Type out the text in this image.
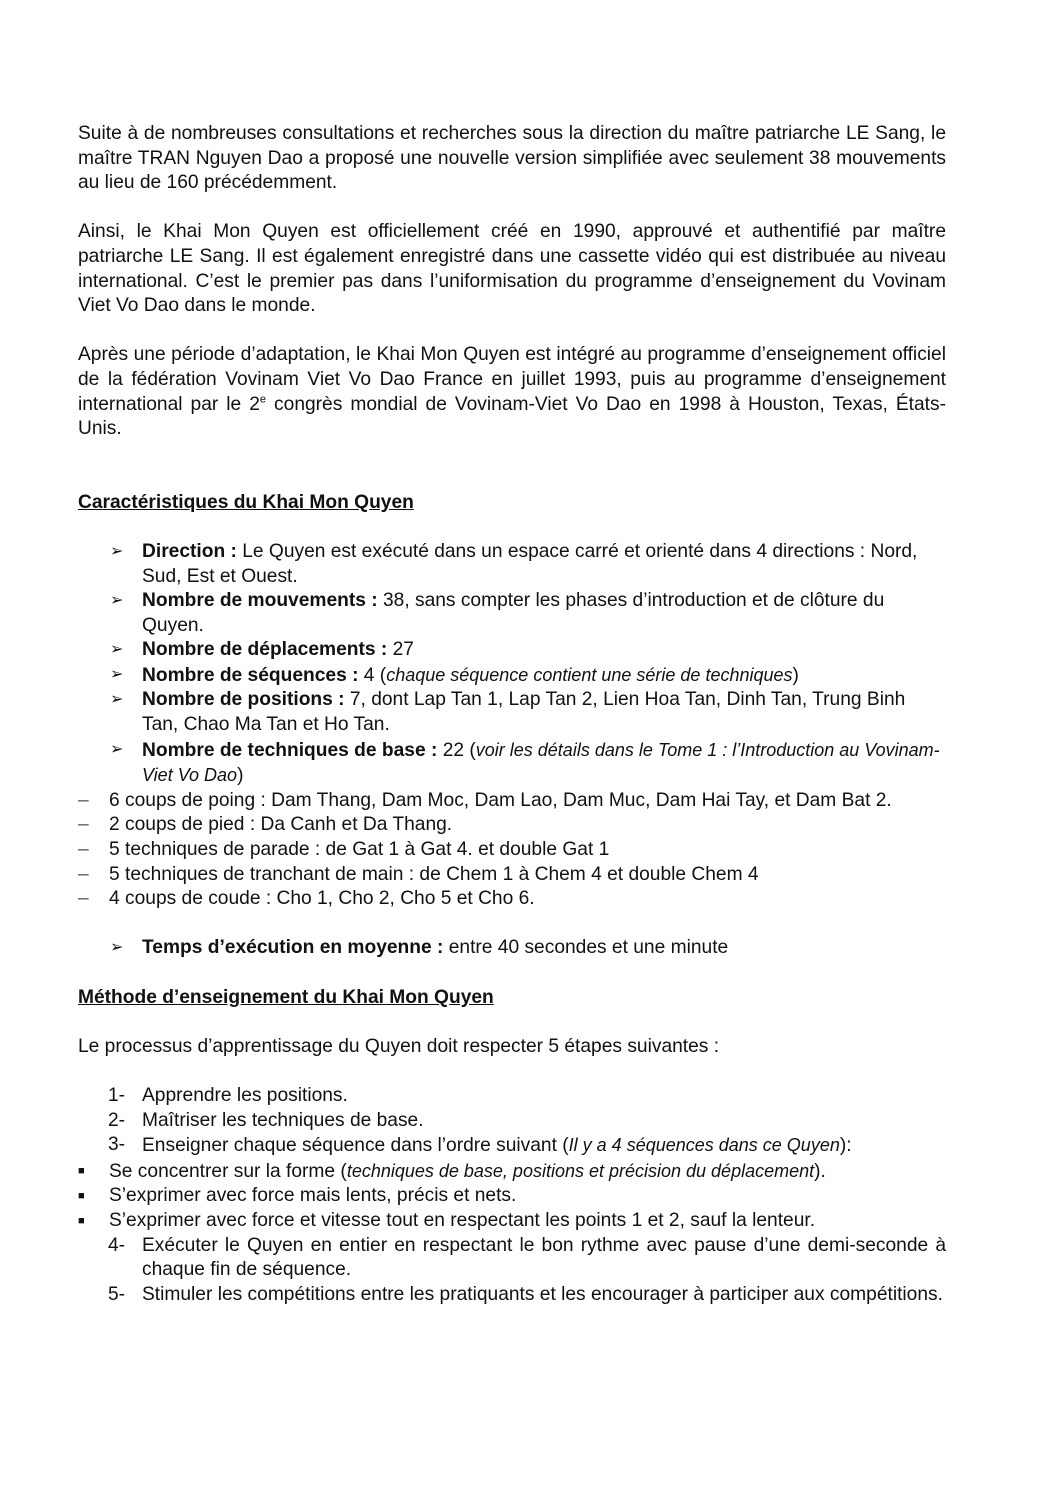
Suite à de nombreuses consultations et recherches sous la direction du maître patriarche LE Sang, le maître TRAN Nguyen Dao a proposé une nouvelle version simplifiée avec seulement 38 mouvements au lieu de 160 précédemment.

Ainsi, le Khai Mon Quyen est officiellement créé en 1990, approuvé et authentifié par maître patriarche LE Sang. Il est également enregistré dans une cassette vidéo qui est distribuée au niveau international. C’est le premier pas dans l’uniformisation du programme d’enseignement du Vovinam Viet Vo Dao dans le monde.

Après une période d’adaptation, le Khai Mon Quyen est intégré au programme d’enseignement officiel de la fédération Vovinam Viet Vo Dao France en juillet 1993, puis au programme d’enseignement international par le 2e congrès mondial de Vovinam-Viet Vo Dao en 1998 à Houston, Texas, États-Unis.

Caractéristiques du Khai Mon Quyen
➢ Direction : Le Quyen est exécuté dans un espace carré et orienté dans 4 directions : Nord, Sud, Est et Ouest.
➢ Nombre de mouvements : 38, sans compter les phases d’introduction et de clôture du Quyen.
➢ Nombre de déplacements : 27
➢ Nombre de séquences : 4 (chaque séquence contient une série de techniques)
➢ Nombre de positions : 7, dont Lap Tan 1, Lap Tan 2, Lien Hoa Tan, Dinh Tan, Trung Binh Tan, Chao Ma Tan et Ho Tan.
➢ Nombre de techniques de base : 22 (voir les détails dans le Tome 1 : l’Introduction au Vovinam-Viet Vo Dao)
– 6 coups de poing : Dam Thang, Dam Moc, Dam Lao, Dam Muc, Dam Hai Tay, et Dam Bat 2.
– 2 coups de pied : Da Canh et Da Thang.
– 5 techniques de parade : de Gat 1 à Gat 4. et double Gat 1
– 5 techniques de tranchant de main : de Chem 1 à Chem 4 et double Chem 4
– 4 coups de coude : Cho 1, Cho 2, Cho 5 et Cho 6.
➢ Temps d’exécution en moyenne : entre 40 secondes et une minute
Méthode d’enseignement du Khai Mon Quyen

Le processus d’apprentissage du Quyen doit respecter 5 étapes suivantes :

1- Apprendre les positions.
2- Maîtriser les techniques de base.
3- Enseigner chaque séquence dans l’ordre suivant (Il y a 4 séquences dans ce Quyen):
■ Se concentrer sur la forme (techniques de base, positions et précision du déplacement).
■ S’exprimer avec force mais lents, précis et nets.
■ S’exprimer avec force et vitesse tout en respectant les points 1 et 2, sauf la lenteur.
4- Exécuter le Quyen en entier en respectant le bon rythme avec pause d’une demi-seconde à chaque fin de séquence.
5- Stimuler les compétitions entre les pratiquants et les encourager à participer aux compétitions.
